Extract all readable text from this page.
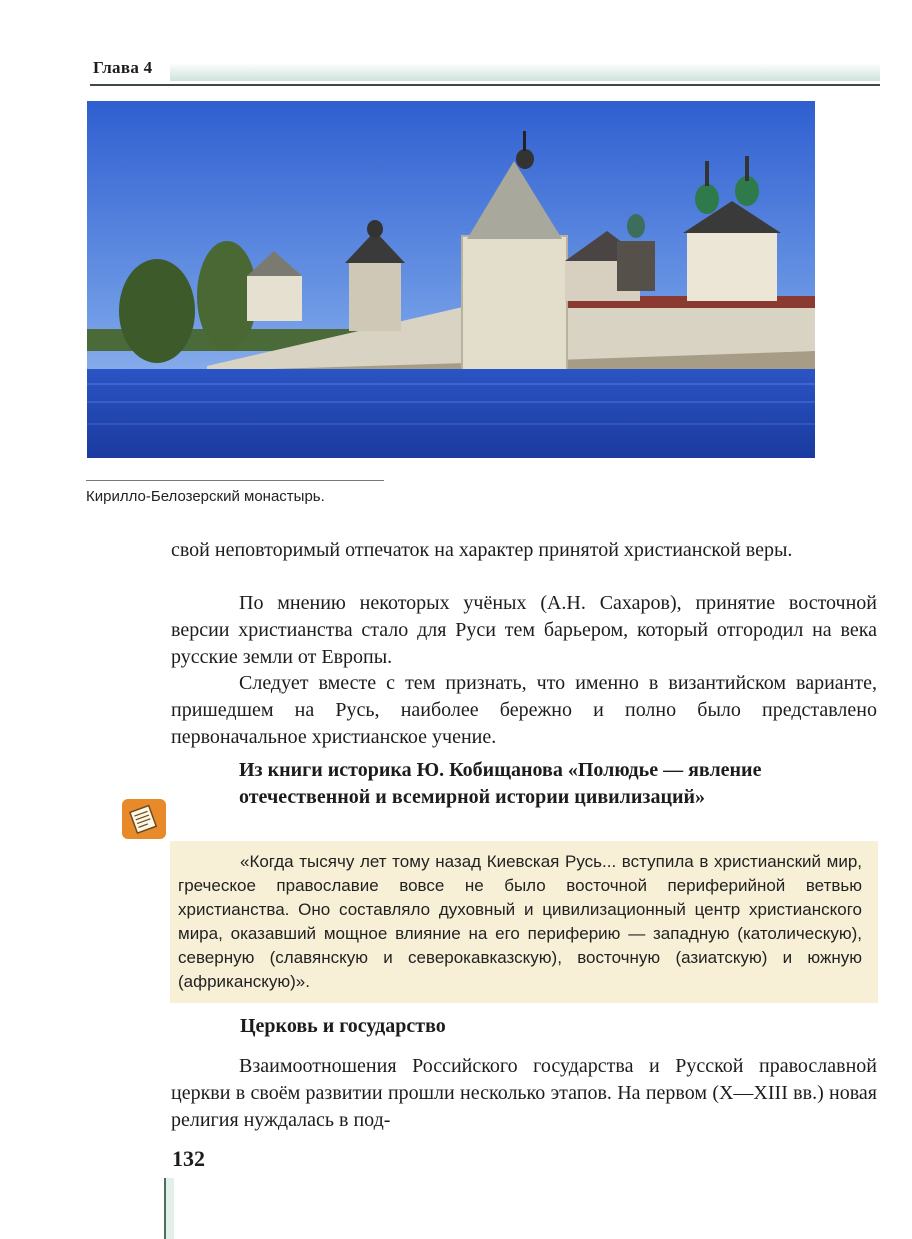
Глава 4
Кирилло-Белозерский монастырь.

свой неповторимый отпечаток на характер принятой христианской веры.

По мнению некоторых учёных (А.Н. Сахаров), принятие восточной версии христианства стало для Руси тем барьером, который отгородил на века русские земли от Европы.

Следует вместе с тем признать, что именно в византийском варианте, пришедшем на Русь, наиболее бережно и полно было представлено первоначальное христианское учение.

Из книги историка Ю. Кобищанова «Полюдье — явление отечественной и всемирной истории цивилизаций»

«Когда тысячу лет тому назад Киевская Русь... вступила в христианский мир, греческое православие вовсе не было восточной периферийной ветвью христианства. Оно составляло духовный и цивилизационный центр христианского мира, оказавший мощное влияние на его периферию — западную (католическую), северную (славянскую и северокавказскую), восточную (азиатскую) и южную (африканскую)».

Церковь и государство

Взаимоотношения Российского государства и Русской православной церкви в своём развитии прошли несколько этапов. На первом (X—XIII вв.) новая религия нуждалась в под-

132
